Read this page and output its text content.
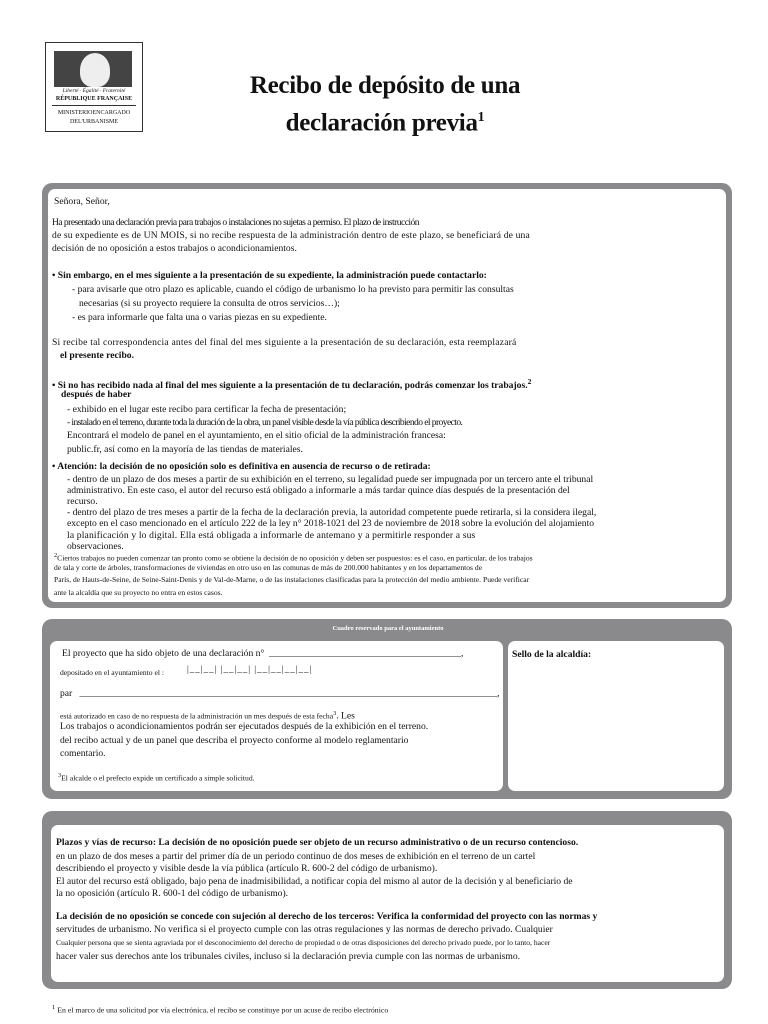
Liberté · Égalité · Fraternité
RÉPUBLIQUE FRANÇAISE
MINISTERIOENCARGADO
DEL'URBANISME
Recibo de depósito de una
declaración previa$^1$
Señora, Señor,
Ha presentado una declaración previa para trabajos o instalaciones no sujetas a permiso. El plazo de instrucción
de su expediente es de UN MOIS, si no recibe respuesta de la administración dentro de este plazo, se beneficiará de una
decisión de no oposición a estos trabajos o acondicionamientos.
• Sin embargo, en el mes siguiente a la presentación de su expediente, la administración puede contactarlo:
- para avisarle que otro plazo es aplicable, cuando el código de urbanismo lo ha previsto para permitir las consultas
necesarias (si su proyecto requiere la consulta de otros servicios…);
- es para informarle que falta una o varias piezas en su expediente.
Si recibe tal correspondencia antes del final del mes siguiente a la presentación de su declaración, esta reemplazará
el presente recibo.
• Si no has recibido nada al final del mes siguiente a la presentación de tu declaración, podrás comenzar los trabajos.$^2$
después de haber
- exhibido en el lugar este recibo para certificar la fecha de presentación;
- instalado en el terreno, durante toda la duración de la obra, un panel visible desde la vía pública describiendo el proyecto.
Encontrará el modelo de panel en el ayuntamiento, en el sitio oficial de la administración francesa:
public.fr, así como en la mayoría de las tiendas de materiales.
• Atención: la decisión de no oposición solo es definitiva en ausencia de recurso o de retirada:
- dentro de un plazo de dos meses a partir de su exhibición en el terreno, su legalidad puede ser impugnada por un tercero ante el tribunal
administrativo. En este caso, el autor del recurso está obligado a informarle a más tardar quince días después de la presentación del
recurso.
- dentro del plazo de tres meses a partir de la fecha de la declaración previa, la autoridad competente puede retirarla, si la considera ilegal,
excepto en el caso mencionado en el artículo 222 de la ley n° 2018-1021 del 23 de noviembre de 2018 sobre la evolución del alojamiento
la planificación y lo digital. Ella está obligada a informarle de antemano y a permitirle responder a sus
observaciones.
$^2$Ciertos trabajos no pueden comenzar tan pronto como se obtiene la decisión de no oposición y deben ser pospuestos: es el caso, en particular, de los trabajos
de tala y corte de árboles, transformaciones de viviendas en otro uso en las comunas de más de 200.000 habitantes y en los departamentos de
París, de Hauts-de-Seine, de Seine-Saint-Denis y de Val-de-Marne, o de las instalaciones clasificadas para la protección del medio ambiente. Puede verificar
ante la alcaldía que su proyecto no entra en estos casos.
Cuadro reservado para el ayuntamiento
El proyecto que ha sido objeto de una declaración n° ________________________________________,
depositado en el ayuntamiento el :	|__|__| |__|__| |__|__|__|__|
par _______________________________________________________________________________________________,
está autorizado en caso de no respuesta de la administración un mes después de esta fecha$^3$. Les
Los trabajos o acondicionamientos podrán ser ejecutados después de la exhibición en el terreno.
del recibo actual y de un panel que describa el proyecto conforme al modelo reglamentario
comentario.
$^3$El alcalde o el prefecto expide un certificado a simple solicitud.
Sello de la alcaldía:
Plazos y vías de recurso: La decisión de no oposición puede ser objeto de un recurso administrativo o de un recurso contencioso.
en un plazo de dos meses a partir del primer día de un periodo continuo de dos meses de exhibición en el terreno de un cartel
describiendo el proyecto y visible desde la vía pública (artículo R. 600-2 del código de urbanismo).
El autor del recurso está obligado, bajo pena de inadmisibilidad, a notificar copia del mismo al autor de la decisión y al beneficiario de
la no oposición (artículo R. 600-1 del código de urbanismo).
La decisión de no oposición se concede con sujeción al derecho de los terceros: Verifica la conformidad del proyecto con las normas y
servitudes de urbanismo. No verifica si el proyecto cumple con las otras regulaciones y las normas de derecho privado. Cualquier
Cualquier persona que se sienta agraviada por el desconocimiento del derecho de propiedad o de otras disposiciones del derecho privado puede, por lo tanto, hacer
hacer valer sus derechos ante los tribunales civiles, incluso si la declaración previa cumple con las normas de urbanismo.
$^1$ En el marco de una solicitud por vía electrónica, el recibo se constituye por un acuse de recibo electrónico
